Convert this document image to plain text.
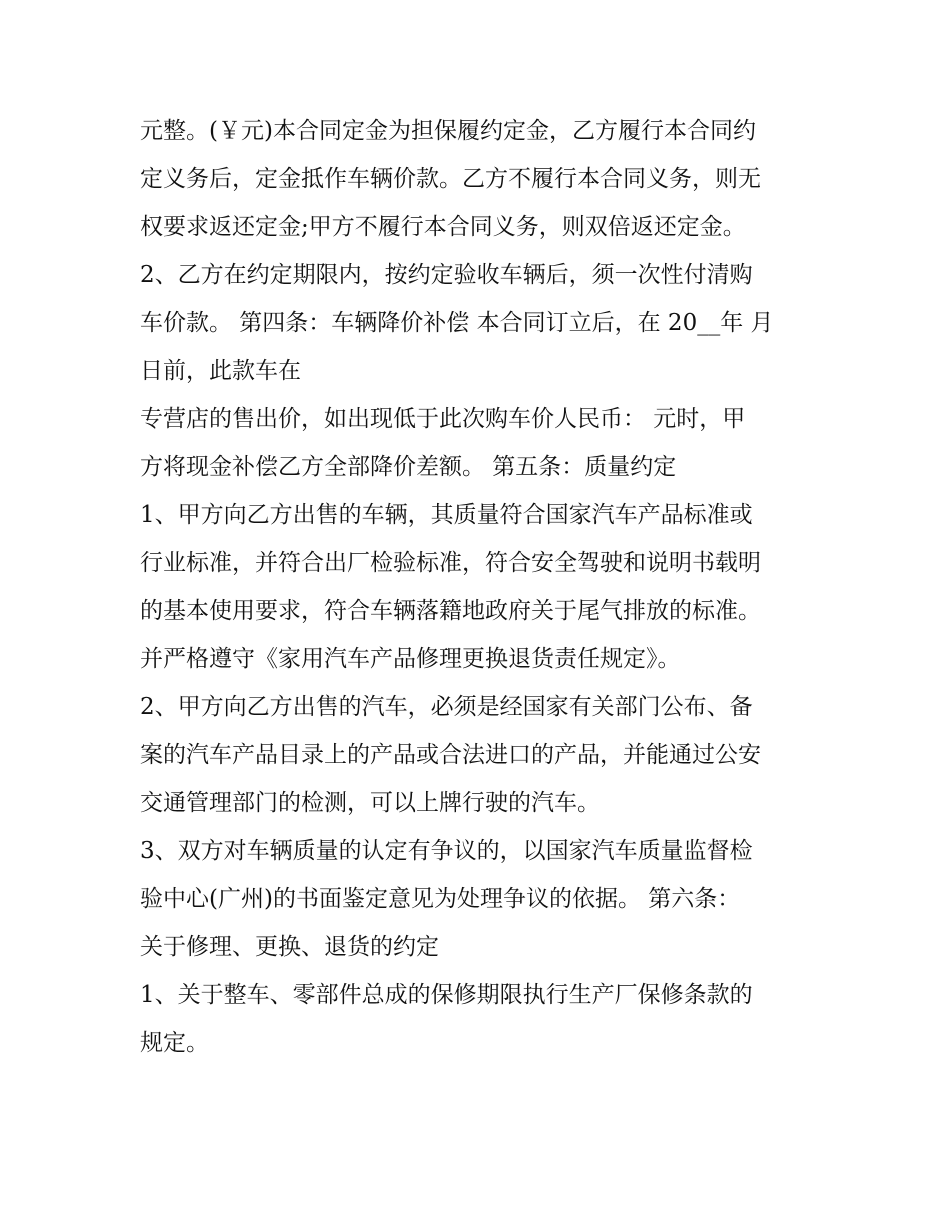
元整。(￥元)本合同定金为担保履约定金，乙方履行本合同约
定义务后，定金抵作车辆价款。乙方不履行本合同义务，则无
权要求返还定金;甲方不履行本合同义务，则双倍返还定金。
2、乙方在约定期限内，按约定验收车辆后，须一次性付清购
车价款。 第四条：车辆降价补偿 本合同订立后，在 20__年 月
日前，此款车在
专营店的售出价，如出现低于此次购车价人民币： 元时，甲
方将现金补偿乙方全部降价差额。 第五条：质量约定
1、甲方向乙方出售的车辆，其质量符合国家汽车产品标准或
行业标准，并符合出厂检验标准，符合安全驾驶和说明书载明
的基本使用要求，符合车辆落籍地政府关于尾气排放的标准。
并严格遵守《家用汽车产品修理更换退货责任规定》。
2、甲方向乙方出售的汽车，必须是经国家有关部门公布、备
案的汽车产品目录上的产品或合法进口的产品，并能通过公安
交通管理部门的检测，可以上牌行驶的汽车。
3、双方对车辆质量的认定有争议的，以国家汽车质量监督检
验中心(广州)的书面鉴定意见为处理争议的依据。 第六条：
关于修理、更换、退货的约定
1、关于整车、零部件总成的保修期限执行生产厂保修条款的
规定。
